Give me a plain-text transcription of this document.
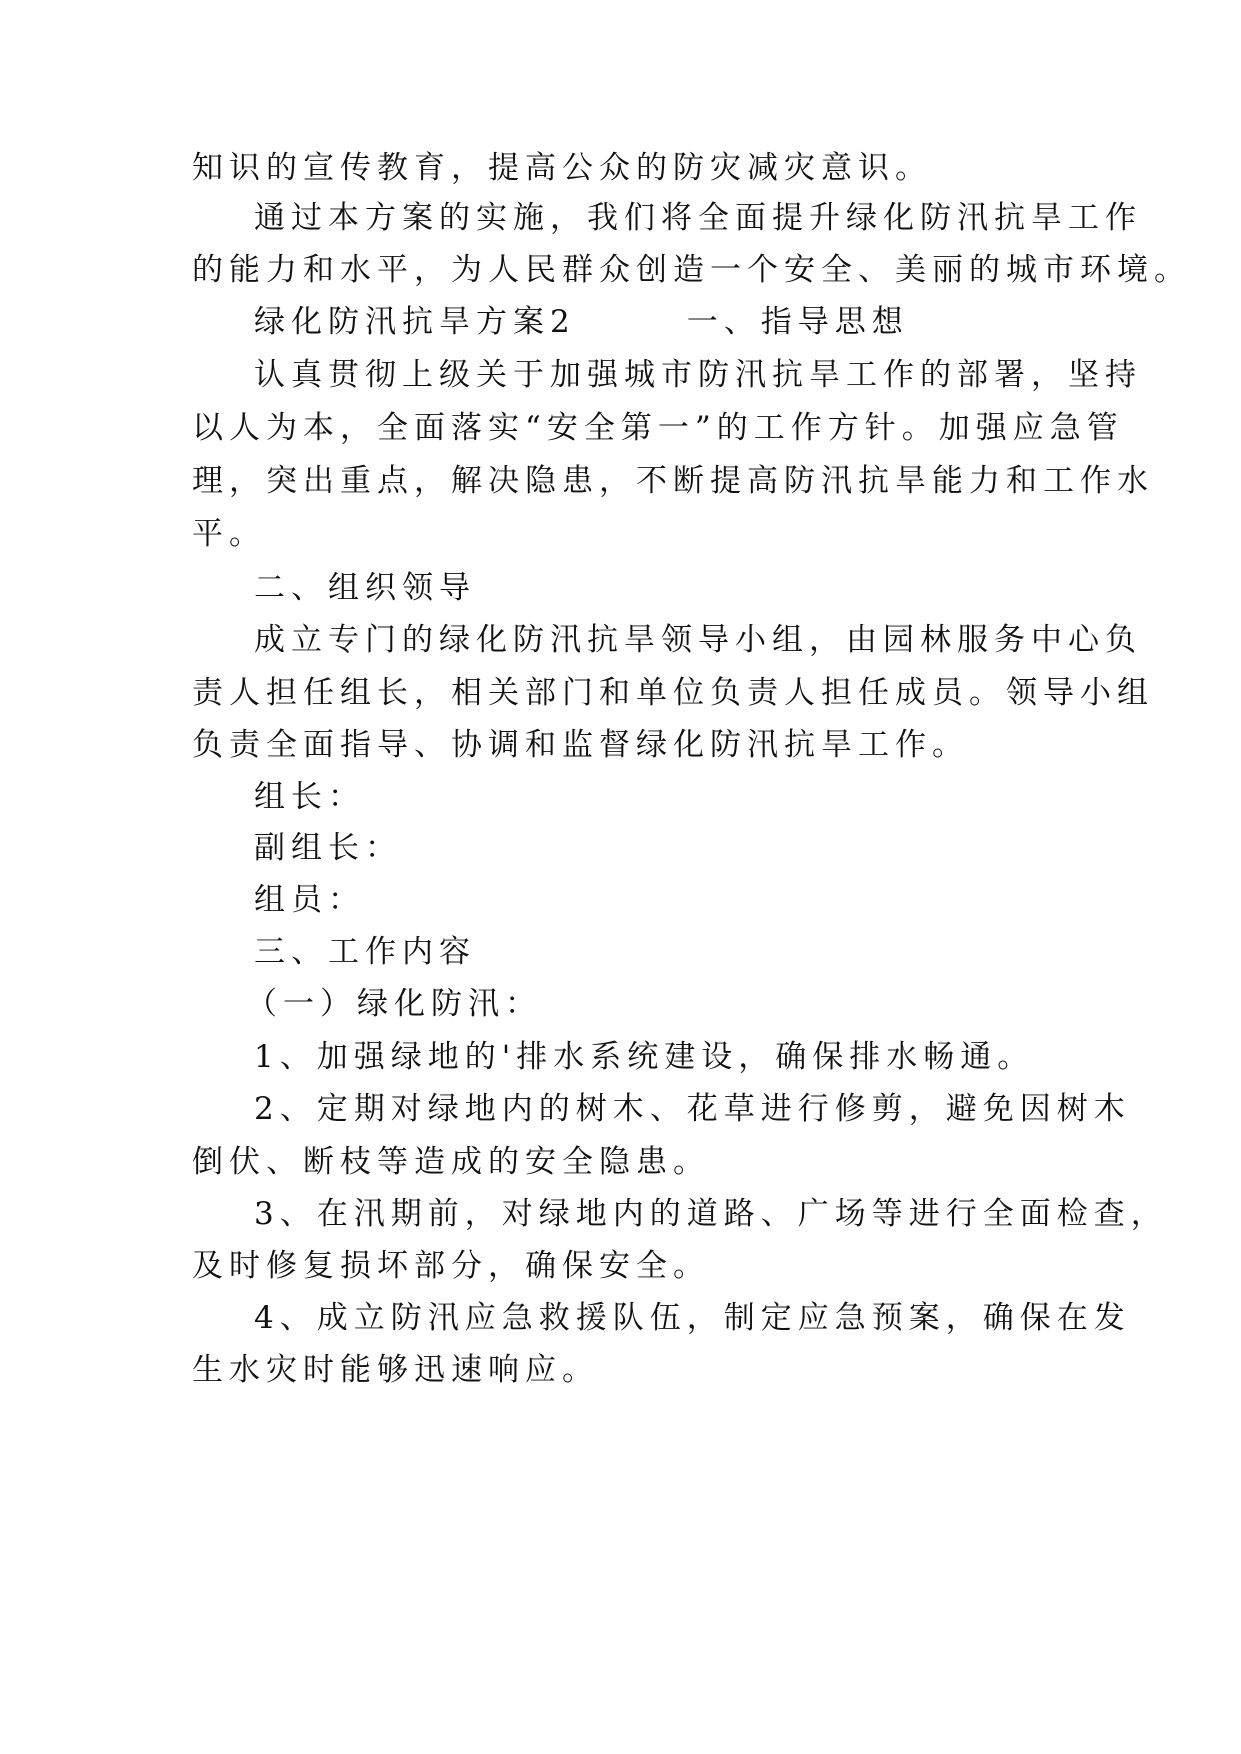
知识的宣传教育，提高公众的防灾减灾意识。
通过本方案的实施，我们将全面提升绿化防汛抗旱工作
的能力和水平，为人民群众创造一个安全、美丽的城市环境。
绿化防汛抗旱方案2　　　一、指导思想
认真贯彻上级关于加强城市防汛抗旱工作的部署，坚持
以人为本，全面落实“安全第一”的工作方针。加强应急管
理，突出重点，解决隐患，不断提高防汛抗旱能力和工作水
平。
二、组织领导
成立专门的绿化防汛抗旱领导小组，由园林服务中心负
责人担任组长，相关部门和单位负责人担任成员。领导小组
负责全面指导、协调和监督绿化防汛抗旱工作。
组长：
副组长：
组员：
三、工作内容
（一）绿化防汛：
1、加强绿地的'排水系统建设，确保排水畅通。
2、定期对绿地内的树木、花草进行修剪，避免因树木
倒伏、断枝等造成的安全隐患。
3、在汛期前，对绿地内的道路、广场等进行全面检查，
及时修复损坏部分，确保安全。
4、成立防汛应急救援队伍，制定应急预案，确保在发
生水灾时能够迅速响应。
